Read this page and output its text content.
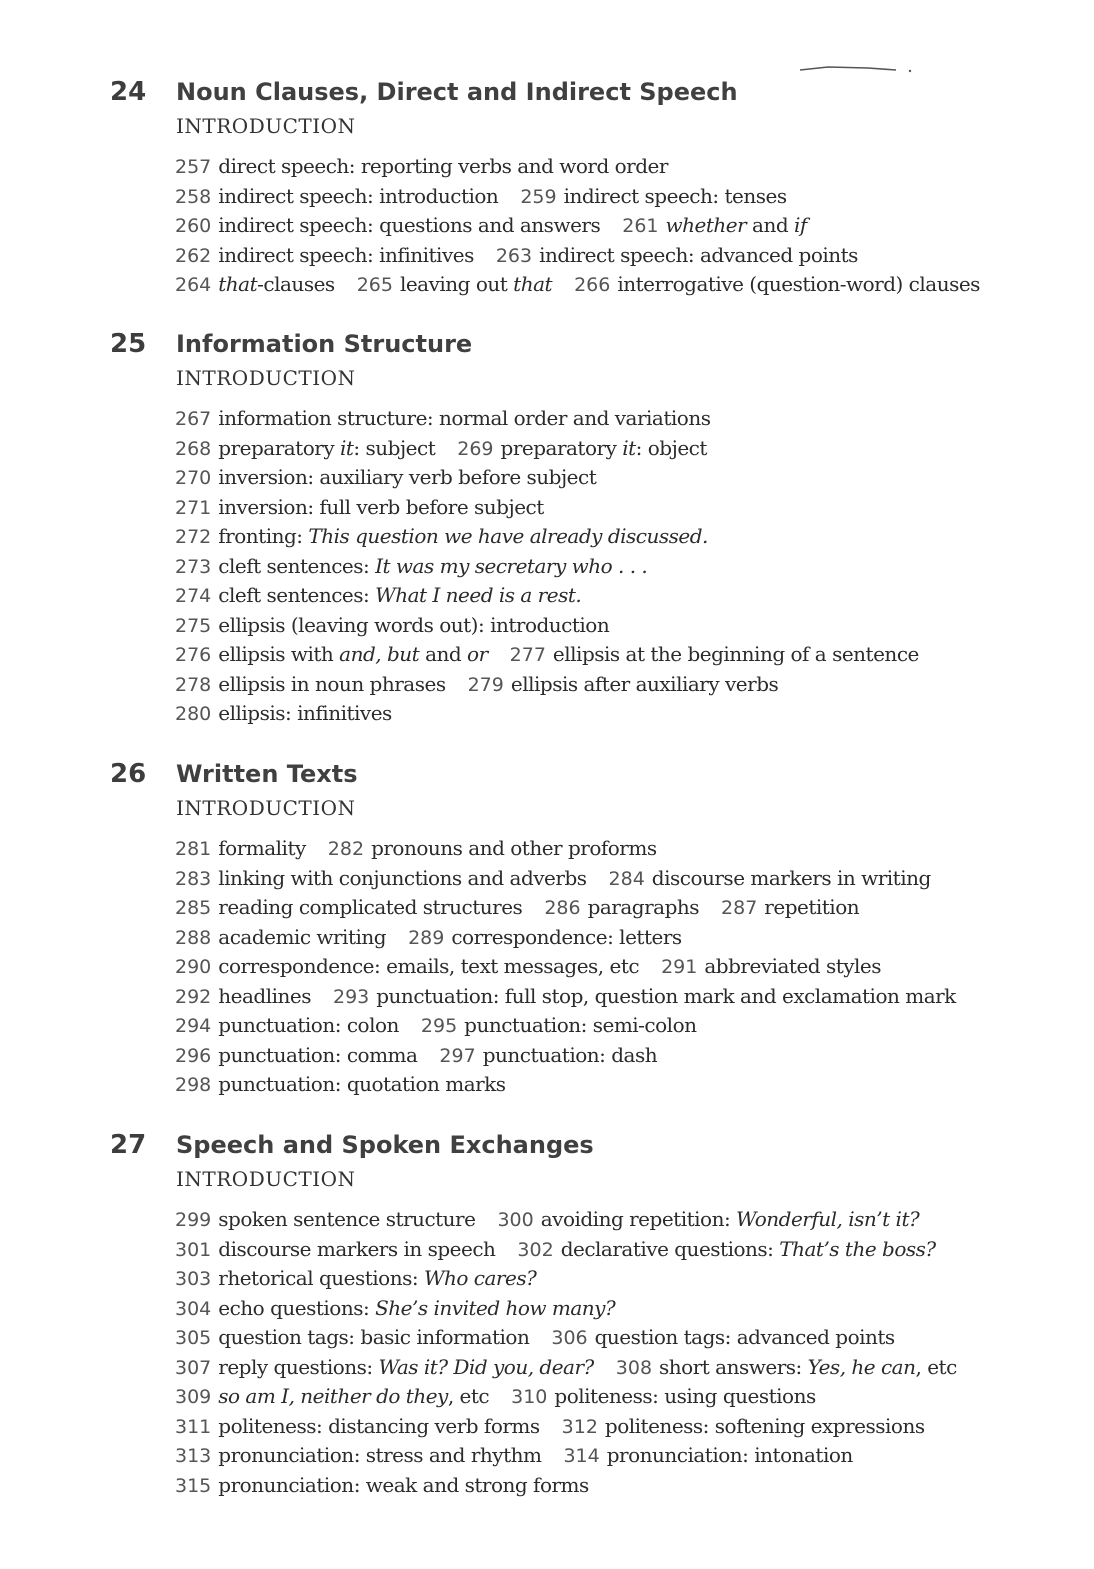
24 Noun Clauses, Direct and Indirect Speech
INTRODUCTION
257 direct speech: reporting verbs and word order
258 indirect speech: introduction 259 indirect speech: tenses
260 indirect speech: questions and answers 261 whether and if
262 indirect speech: infinitives 263 indirect speech: advanced points
264 that-clauses 265 leaving out that 266 interrogative (question-word) clauses
25 Information Structure
INTRODUCTION
267 information structure: normal order and variations
268 preparatory it: subject 269 preparatory it: object
270 inversion: auxiliary verb before subject
271 inversion: full verb before subject
272 fronting: This question we have already discussed.
273 cleft sentences: It was my secretary who . . .
274 cleft sentences: What I need is a rest.
275 ellipsis (leaving words out): introduction
276 ellipsis with and, but and or 277 ellipsis at the beginning of a sentence
278 ellipsis in noun phrases 279 ellipsis after auxiliary verbs
280 ellipsis: infinitives
26 Written Texts
INTRODUCTION
281 formality 282 pronouns and other proforms
283 linking with conjunctions and adverbs 284 discourse markers in writing
285 reading complicated structures 286 paragraphs 287 repetition
288 academic writing 289 correspondence: letters
290 correspondence: emails, text messages, etc 291 abbreviated styles
292 headlines 293 punctuation: full stop, question mark and exclamation mark
294 punctuation: colon 295 punctuation: semi-colon
296 punctuation: comma 297 punctuation: dash
298 punctuation: quotation marks
27 Speech and Spoken Exchanges
INTRODUCTION
299 spoken sentence structure 300 avoiding repetition: Wonderful, isn’t it?
301 discourse markers in speech 302 declarative questions: That’s the boss?
303 rhetorical questions: Who cares?
304 echo questions: She’s invited how many?
305 question tags: basic information 306 question tags: advanced points
307 reply questions: Was it? Did you, dear? 308 short answers: Yes, he can, etc
309 so am I, neither do they, etc 310 politeness: using questions
311 politeness: distancing verb forms 312 politeness: softening expressions
313 pronunciation: stress and rhythm 314 pronunciation: intonation
315 pronunciation: weak and strong forms
